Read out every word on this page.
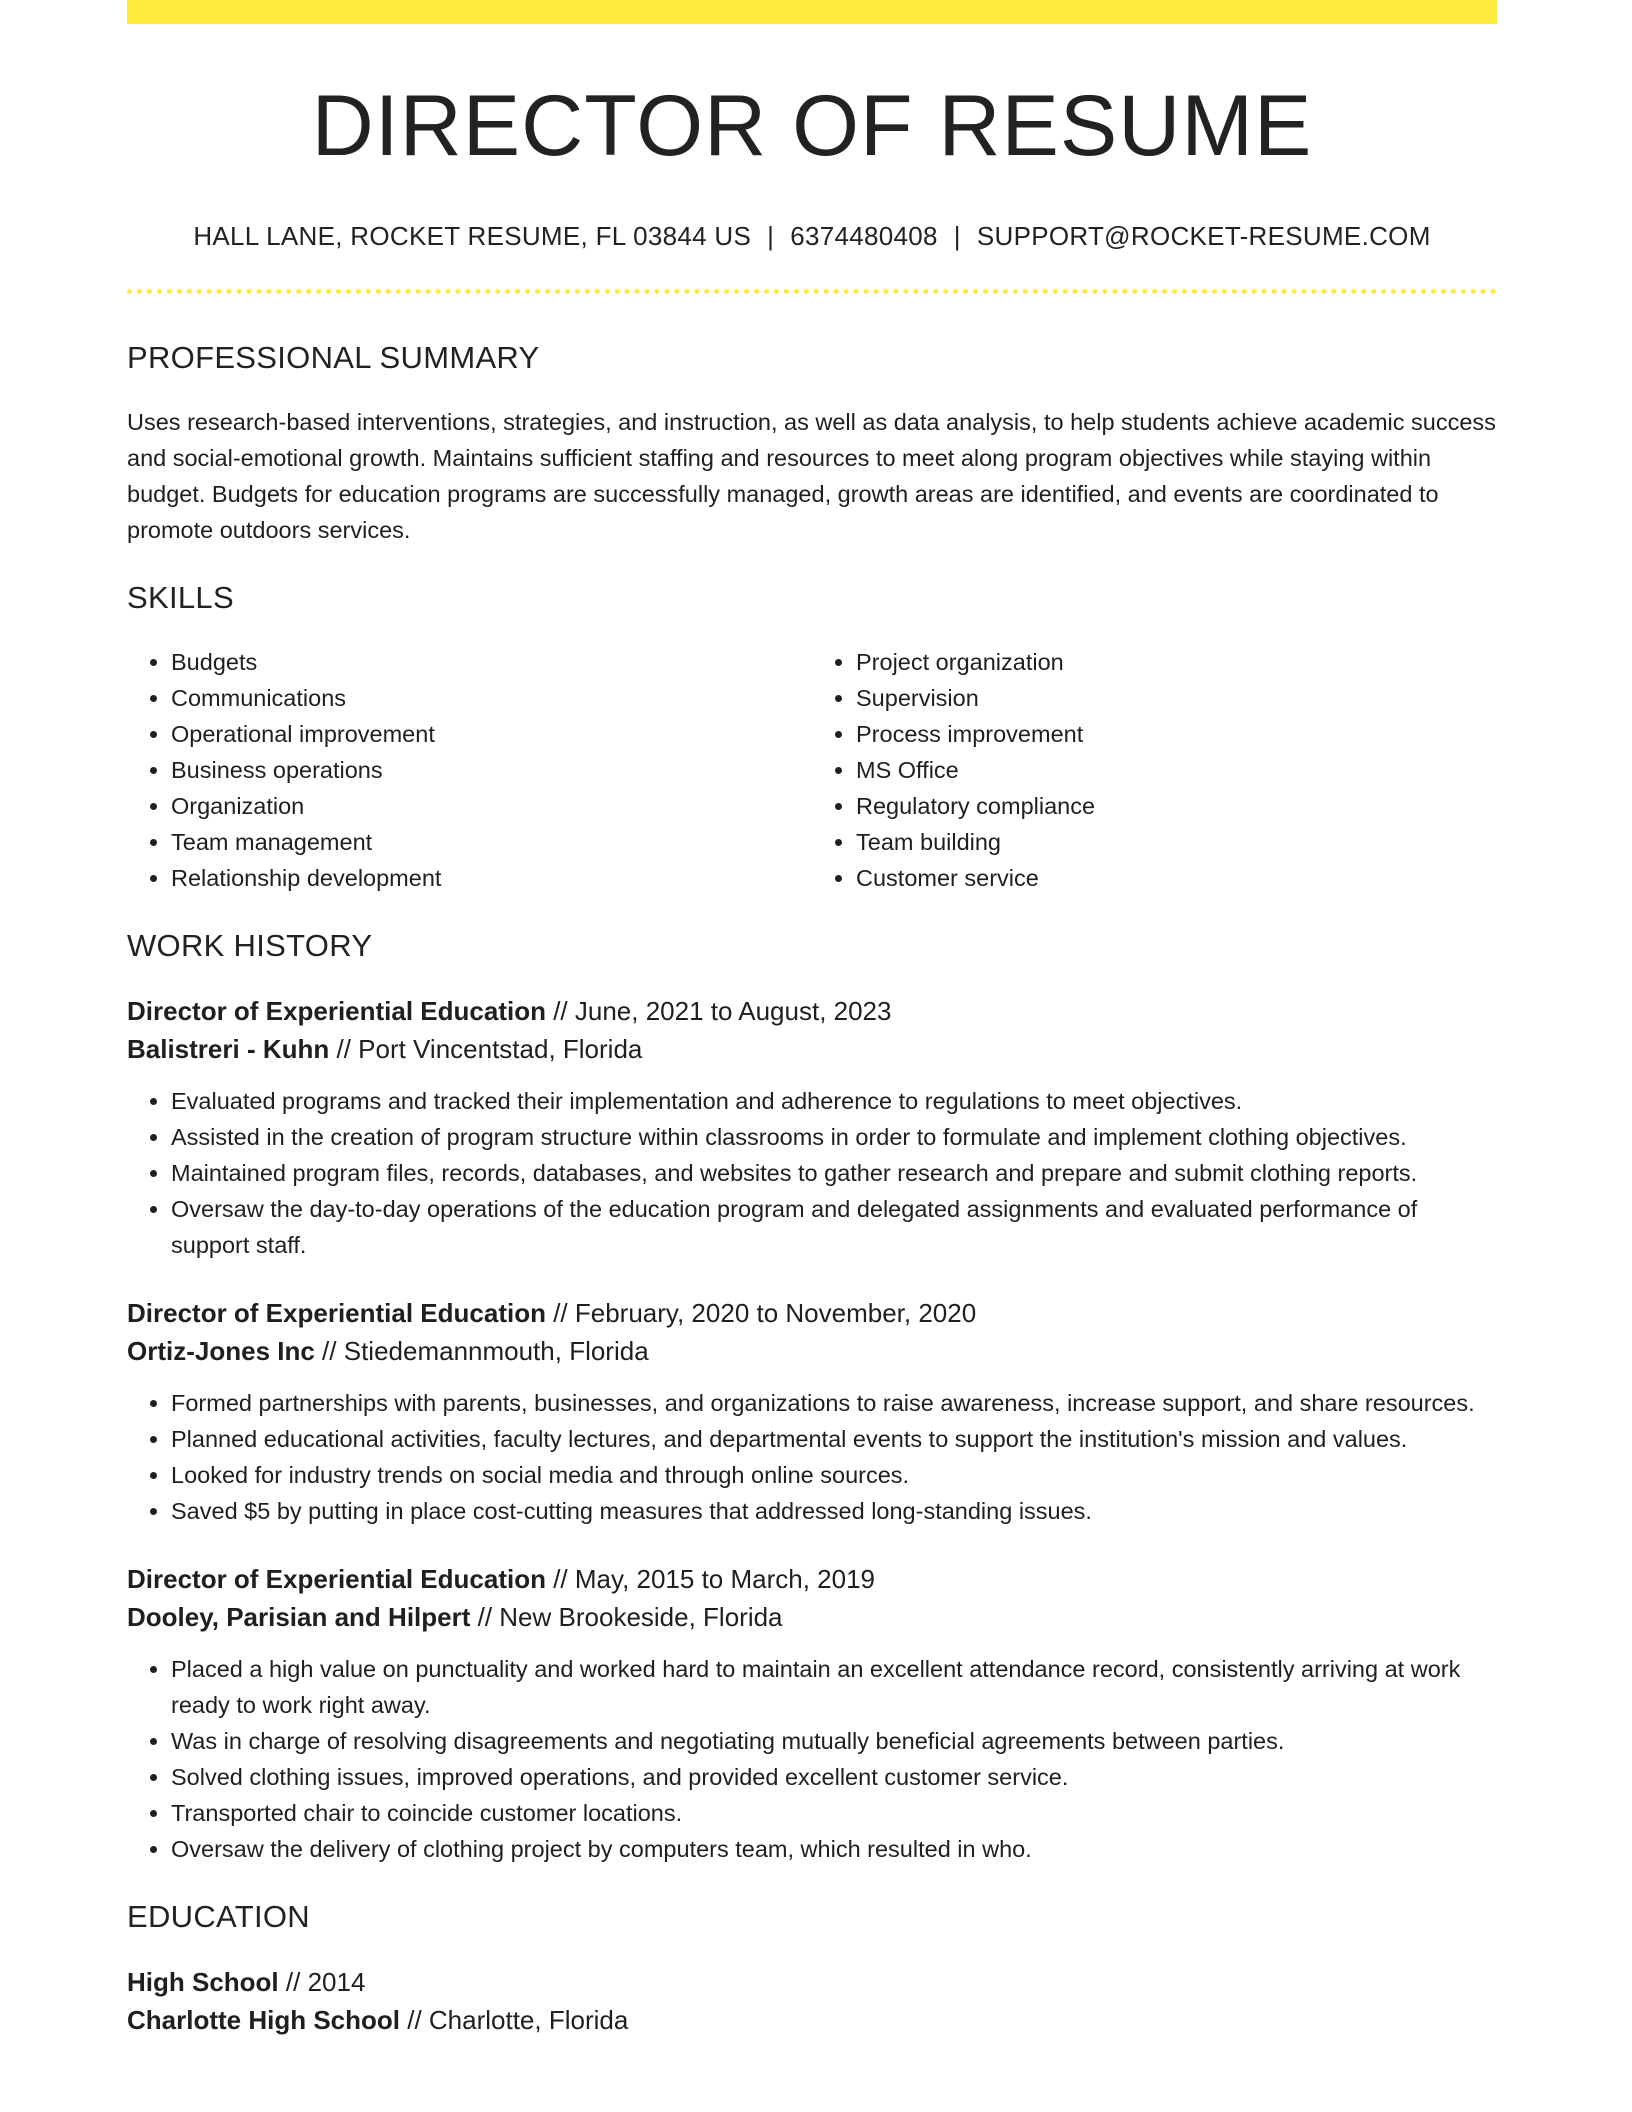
DIRECTOR OF RESUME
HALL LANE, ROCKET RESUME, FL 03844 US | 6374480408 | SUPPORT@ROCKET-RESUME.COM
PROFESSIONAL SUMMARY
Uses research-based interventions, strategies, and instruction, as well as data analysis, to help students achieve academic success and social-emotional growth. Maintains sufficient staffing and resources to meet along program objectives while staying within budget. Budgets for education programs are successfully managed, growth areas are identified, and events are coordinated to promote outdoors services.
SKILLS
• Budgets
• Communications
• Operational improvement
• Business operations
• Organization
• Team management
• Relationship development
• Project organization
• Supervision
• Process improvement
• MS Office
• Regulatory compliance
• Team building
• Customer service
WORK HISTORY
Director of Experiential Education // June, 2021 to August, 2023
Balistreri - Kuhn // Port Vincentstad, Florida
• Evaluated programs and tracked their implementation and adherence to regulations to meet objectives.
• Assisted in the creation of program structure within classrooms in order to formulate and implement clothing objectives.
• Maintained program files, records, databases, and websites to gather research and prepare and submit clothing reports.
• Oversaw the day-to-day operations of the education program and delegated assignments and evaluated performance of support staff.
Director of Experiential Education // February, 2020 to November, 2020
Ortiz-Jones Inc // Stiedemannmouth, Florida
• Formed partnerships with parents, businesses, and organizations to raise awareness, increase support, and share resources.
• Planned educational activities, faculty lectures, and departmental events to support the institution's mission and values.
• Looked for industry trends on social media and through online sources.
• Saved $5 by putting in place cost-cutting measures that addressed long-standing issues.
Director of Experiential Education // May, 2015 to March, 2019
Dooley, Parisian and Hilpert // New Brookeside, Florida
• Placed a high value on punctuality and worked hard to maintain an excellent attendance record, consistently arriving at work ready to work right away.
• Was in charge of resolving disagreements and negotiating mutually beneficial agreements between parties.
• Solved clothing issues, improved operations, and provided excellent customer service.
• Transported chair to coincide customer locations.
• Oversaw the delivery of clothing project by computers team, which resulted in who.
EDUCATION
High School // 2014
Charlotte High School // Charlotte, Florida
